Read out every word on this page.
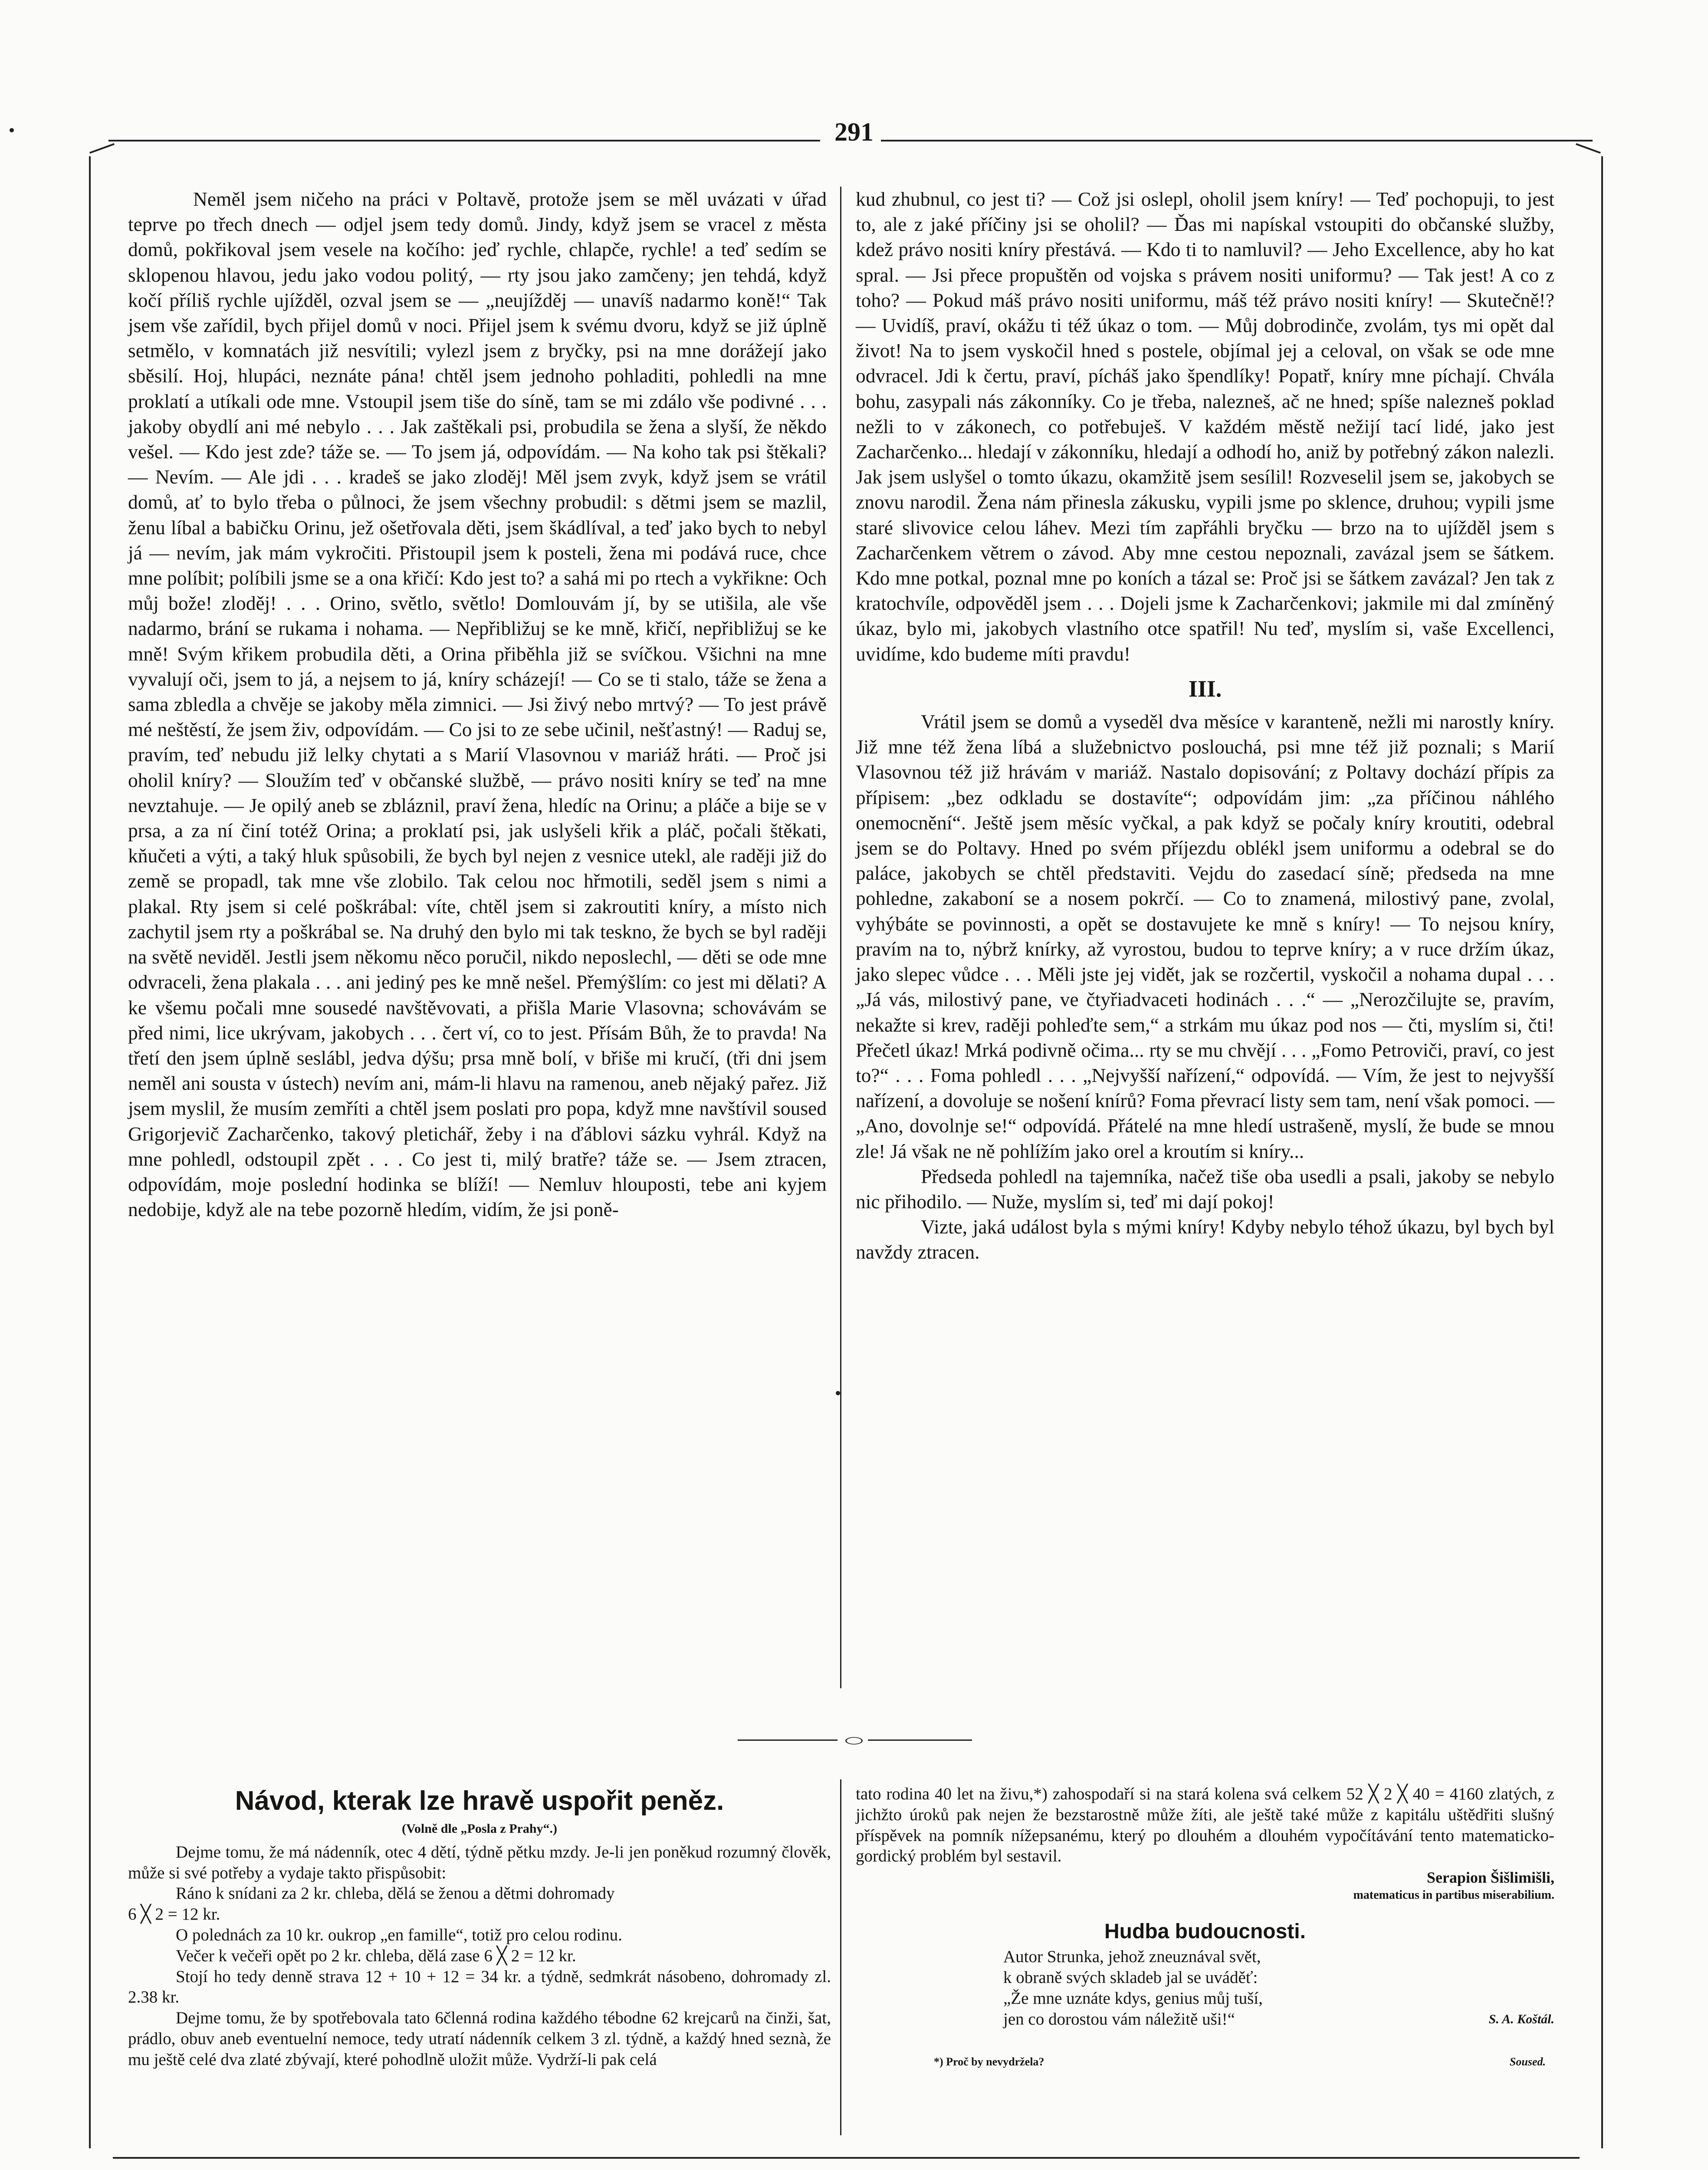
291

Neměl jsem ničeho na práci v Poltavě, protože jsem se měl uvázati v úřad teprve po třech dnech — odjel jsem tedy domů. Jindy, když jsem se vracel z města domů, pokřikoval jsem vesele na kočího: jeď rychle, chlapče, rychle! a teď sedím se sklopenou hlavou, jedu jako vodou politý, — rty jsou jako zamčeny; jen tehdá, když kočí příliš rychle ujížděl, ozval jsem se — „neujížděj — unavíš nadarmo koně!“ Tak jsem vše zařídil, bych přijel domů v noci. Přijel jsem k svému dvoru, když se již úplně setmělo, v komnatách již nesvítili; vylezl jsem z bryčky, psi na mne dorážejí jako sběsilí. Hoj, hlupáci, neznáte pána! chtěl jsem jednoho pohladiti, pohledli na mne proklatí a utíkali ode mne. Vstoupil jsem tiše do síně, tam se mi zdálo vše podivné . . . jakoby obydlí ani mé nebylo . . . Jak zaštěkali psi, probudila se žena a slyší, že někdo vešel. — Kdo jest zde? táže se. — To jsem já, odpovídám. — Na koho tak psi štěkali? — Nevím. — Ale jdi . . . kradeš se jako zloděj! Měl jsem zvyk, když jsem se vrátil domů, ať to bylo třeba o půlnoci, že jsem všechny probudil: s dětmi jsem se mazlil, ženu líbal a babičku Orinu, jež ošetřovala děti, jsem škádlíval, a teď jako bych to nebyl já — nevím, jak mám vykročiti. Přistoupil jsem k posteli, žena mi podává ruce, chce mne políbit; políbili jsme se a ona křičí: Kdo jest to? a sahá mi po rtech a vykřikne: Och můj bože! zloděj! . . . Orino, světlo, světlo! Domlouvám jí, by se utišila, ale vše nadarmo, brání se rukama i nohama. — Nepřibližuj se ke mně, křičí, nepřibližuj se ke mně! Svým křikem probudila děti, a Orina přiběhla již se svíčkou. Všichni na mne vyvalují oči, jsem to já, a nejsem to já, kníry scházejí! — Co se ti stalo, táže se žena a sama zbledla a chvěje se jakoby měla zimnici. — Jsi živý nebo mrtvý? — To jest právě mé neštěstí, že jsem živ, odpovídám. — Co jsi to ze sebe učinil, nešťastný! — Raduj se, pravím, teď nebudu již lelky chytati a s Marií Vlasovnou v mariáž hráti. — Proč jsi oholil kníry? — Sloužím teď v občanské službě, — právo nositi kníry se teď na mne nevztahuje. — Je opilý aneb se zbláznil, praví žena, hledíc na Orinu; a pláče a bije se v prsa, a za ní činí totéž Orina; a proklatí psi, jak uslyšeli křik a pláč, počali štěkati, kňučeti a výti, a taký hluk spůsobili, že bych byl nejen z vesnice utekl, ale raději již do země se propadl, tak mne vše zlobilo. Tak celou noc hřmotili, seděl jsem s nimi a plakal. Rty jsem si celé poškrábal: víte, chtěl jsem si zakroutiti kníry, a místo nich zachytil jsem rty a poškrábal se. Na druhý den bylo mi tak teskno, že bych se byl raději na světě neviděl. Jestli jsem někomu něco poručil, nikdo neposlechl, — děti se ode mne odvraceli, žena plakala . . . ani jediný pes ke mně nešel. Přemýšlím: co jest mi dělati? A ke všemu počali mne sousedé navštěvovati, a přišla Marie Vlasovna; schovávám se před nimi, lice ukrývam, jakobych . . . čert ví, co to jest. Přísám Bůh, že to pravda! Na třetí den jsem úplně seslábl, jedva dýšu; prsa mně bolí, v břiše mi kručí, (tři dni jsem neměl ani sousta v ústech) nevím ani, mám-li hlavu na ramenou, aneb nějaký pařez. Již jsem myslil, že musím zemříti a chtěl jsem poslati pro popa, když mne navštívil soused Grigorjevič Zacharčenko, takový pletichář, žeby i na ďáblovi sázku vyhrál. Když na mne pohledl, odstoupil zpět . . . Co jest ti, milý bratře? táže se. — Jsem ztracen, odpovídám, moje poslední hodinka se blíží! — Nemluv hlouposti, tebe ani kyjem nedobije, když ale na tebe pozorně hledím, vidím, že jsi poně-

kud zhubnul, co jest ti? — Což jsi oslepl, oholil jsem kníry! — Teď pochopuji, to jest to, ale z jaké příčiny jsi se oholil? — Ďas mi napískal vstoupiti do občanské služby, kdež právo nositi kníry přestává. — Kdo ti to namluvil? — Jeho Excellence, aby ho kat spral. — Jsi přece propuštěn od vojska s právem nositi uniformu? — Tak jest! A co z toho? — Pokud máš právo nositi uniformu, máš též právo nositi kníry! — Skutečně!? — Uvidíš, praví, okážu ti též úkaz o tom. — Můj dobrodinče, zvolám, tys mi opět dal život! Na to jsem vyskočil hned s postele, objímal jej a celoval, on však se ode mne odvracel. Jdi k čertu, praví, pícháš jako špendlíky! Popatř, kníry mne píchají. Chvála bohu, zasypali nás zákonníky. Co je třeba, nalezneš, ač ne hned; spíše nalezneš poklad nežli to v zákonech, co potřebuješ. V každém městě nežijí tací lidé, jako jest Zacharčenko... hledají v zákonníku, hledají a odhodí ho, aniž by potřebný zákon nalezli. Jak jsem uslyšel o tomto úkazu, okamžitě jsem sesílil! Rozveselil jsem se, jakobych se znovu narodil. Žena nám přinesla zákusku, vypili jsme po sklence, druhou; vypili jsme staré slivovice celou láhev. Mezi tím zapřáhli bryčku — brzo na to ujížděl jsem s Zacharčenkem větrem o závod. Aby mne cestou nepoznali, zavázal jsem se šátkem. Kdo mne potkal, poznal mne po koních a tázal se: Proč jsi se šátkem zavázal? Jen tak z kratochvíle, odpověděl jsem . . . Dojeli jsme k Zacharčenkovi; jakmile mi dal zmíněný úkaz, bylo mi, jakobych vlastního otce spatřil! Nu teď, myslím si, vaše Excellenci, uvidíme, kdo budeme míti pravdu!

III.

Vrátil jsem se domů a vyseděl dva měsíce v karanteně, nežli mi narostly kníry. Již mne též žena líbá a služebnictvo poslouchá, psi mne též již poznali; s Marií Vlasovnou též již hrávám v mariáž. Nastalo dopisování; z Poltavy dochází přípis za přípisem: „bez odkladu se dostavíte“; odpovídám jim: „za příčinou náhlého onemocnění“. Ještě jsem měsíc vyčkal, a pak když se počaly kníry kroutiti, odebral jsem se do Poltavy. Hned po svém příjezdu oblékl jsem uniformu a odebral se do paláce, jakobych se chtěl představiti. Vejdu do zasedací síně; předseda na mne pohledne, zakaboní se a nosem pokrčí. — Co to znamená, milostivý pane, zvolal, vyhýbáte se povinnosti, a opět se dostavujete ke mně s kníry! — To nejsou kníry, pravím na to, nýbrž knírky, až vyrostou, budou to teprve kníry; a v ruce držím úkaz, jako slepec vůdce . . . Měli jste jej vidět, jak se rozčertil, vyskočil a nohama dupal . . . „Já vás, milostivý pane, ve čtyřiadvaceti hodinách . . .“ — „Nerozčilujte se, pravím, nekažte si krev, raději pohleďte sem,“ a strkám mu úkaz pod nos — čti, myslím si, čti! Přečetl úkaz! Mrká podivně očima... rty se mu chvějí . . . „Fomo Petroviči, praví, co jest to?“ . . . Foma pohledl . . . „Nejvyšší nařízení,“ odpovídá. — Vím, že jest to nejvyšší nařízení, a dovoluje se nošení knírů? Foma převrací listy sem tam, není však pomoci. — „Ano, dovolnje se!“ odpovídá. Přátelé na mne hledí ustrašeně, myslí, že bude se mnou zle! Já však ne ně pohlížím jako orel a kroutím si kníry...

Předseda pohledl na tajemníka, načež tiše oba usedli a psali, jakoby se nebylo nic přihodilo. — Nuže, myslím si, teď mi dají pokoj!

Vizte, jaká událost byla s mými kníry! Kdyby nebylo téhož úkazu, byl bych byl navždy ztracen.

Návod, kterak lze hravě uspořit peněz.
(Volně dle „Posla z Prahy“.)

Dejme tomu, že má nádenník, otec 4 dětí, týdně pětku mzdy. Je-li jen poněkud rozumný člověk, může si své potřeby a vydaje takto přispůsobit:

Ráno k snídani za 2 kr. chleba, dělá se ženou a dětmi dohromady

6 ╳ 2 = 12 kr.

O polednách za 10 kr. oukrop „en famille“, totiž pro celou rodinu.

Večer k večeři opět po 2 kr. chleba, dělá zase 6 ╳ 2 = 12 kr.

Stojí ho tedy denně strava 12 + 10 + 12 = 34 kr. a týdně, sedmkrát násobeno, dohromady zl. 2.38 kr.

Dejme tomu, že by spotřebovala tato 6členná rodina každého tébodne 62 krejcarů na činži, šat, prádlo, obuv aneb eventuelní nemoce, tedy utratí nádenník celkem 3 zl. týdně, a každý hned seznà, že mu ještě celé dva zlaté zbývají, které pohodlně uložit může. Vydrží-li pak celá

tato rodina 40 let na živu,*) zahospodaří si na stará kolena svá celkem 52 ╳ 2 ╳ 40 = 4160 zlatých, z jichžto úroků pak nejen že bezstarostně může žíti, ale ještě také může z kapitálu uštědřiti slušný příspěvek na pomník nížepsanému, který po dlouhém a dlouhém vypočítávání tento matematicko-gordický problém byl sestavil.

Serapion Šišlimišli,
matematicus in partibus miserabilium.
Hudba budoucnosti.
Autor Strunka, jehož zneuznával svět,
k obraně svých skladeb jal se uváděť:
„Že mne uznáte kdys, genius můj tuší,
jen co dorostou vám náležitě uši!“	S. A. Koštál.
*) Proč by nevydržela?	Soused.
